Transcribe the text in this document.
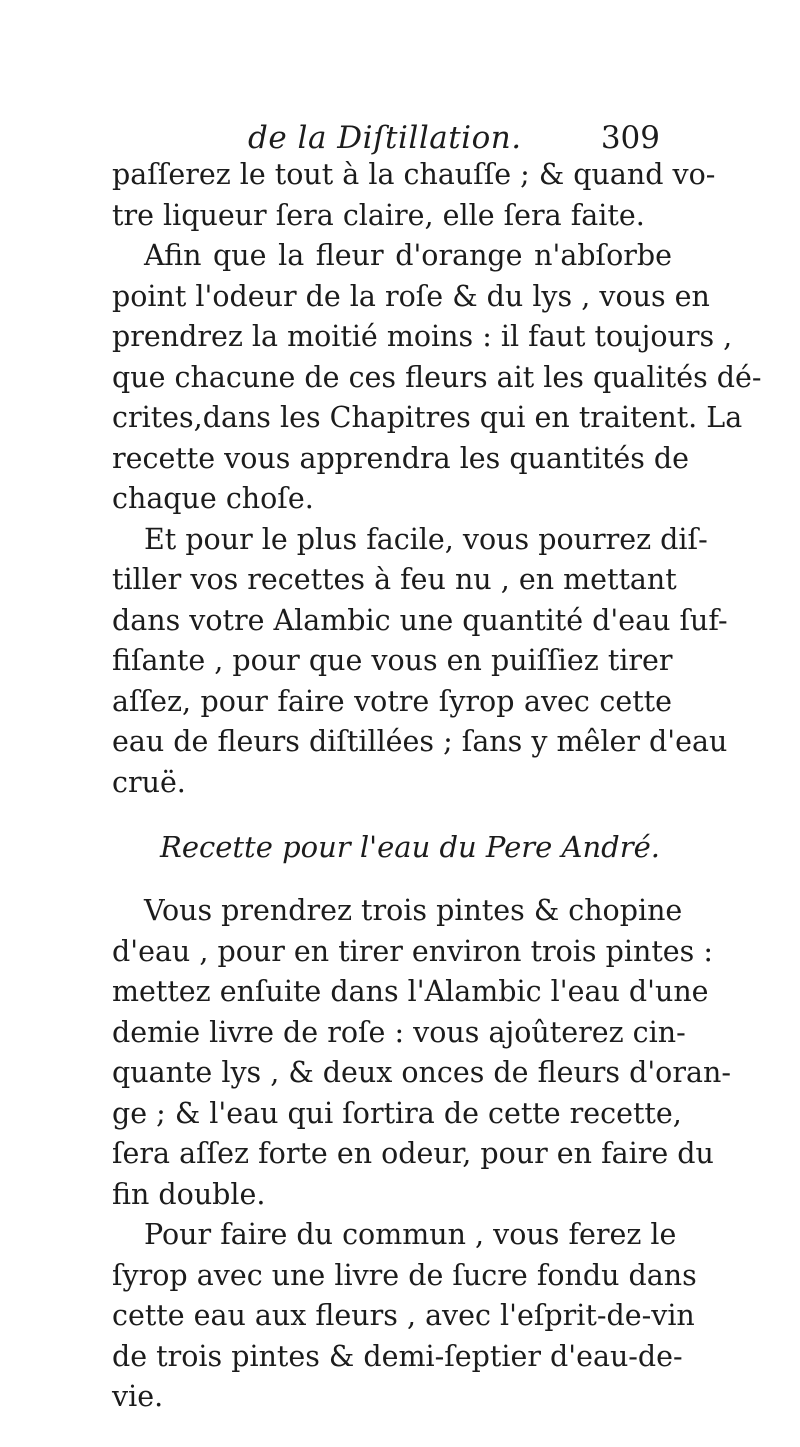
de la Diſtillation.	309
paſſerez le tout à la chauſſe ; & quand vo-
tre liqueur ſera claire, elle ſera faite.
Afin que la fleur d'orange n'abſorbe
point l'odeur de la roſe & du lys , vous en
prendrez la moitié moins : il faut toujours ,
que chacune de ces fleurs ait les qualités dé-
crites,dans les Chapitres qui en traitent. La
recette vous apprendra les quantités de
chaque choſe.
Et pour le plus facile, vous pourrez diſ-
tiller vos recettes à feu nu , en mettant
dans votre Alambic une quantité d'eau ſuf-
fiſante , pour que vous en puiſſiez tirer
aſſez, pour faire votre ſyrop avec cette
eau de fleurs diſtillées ; ſans y mêler d'eau
cruë.
Recette pour l'eau du Pere André.
Vous prendrez trois pintes & chopine
d'eau , pour en tirer environ trois pintes :
mettez enſuite dans l'Alambic l'eau d'une
demie livre de roſe : vous ajoûterez cin-
quante lys , & deux onces de fleurs d'oran-
ge ; & l'eau qui ſortira de cette recette,
ſera aſſez forte en odeur, pour en faire du
fin double.
Pour faire du commun , vous ferez le
ſyrop avec une livre de ſucre fondu dans
cette eau aux fleurs , avec l'eſprit-de-vin
de trois pintes & demi-ſeptier d'eau-de-
vie.
